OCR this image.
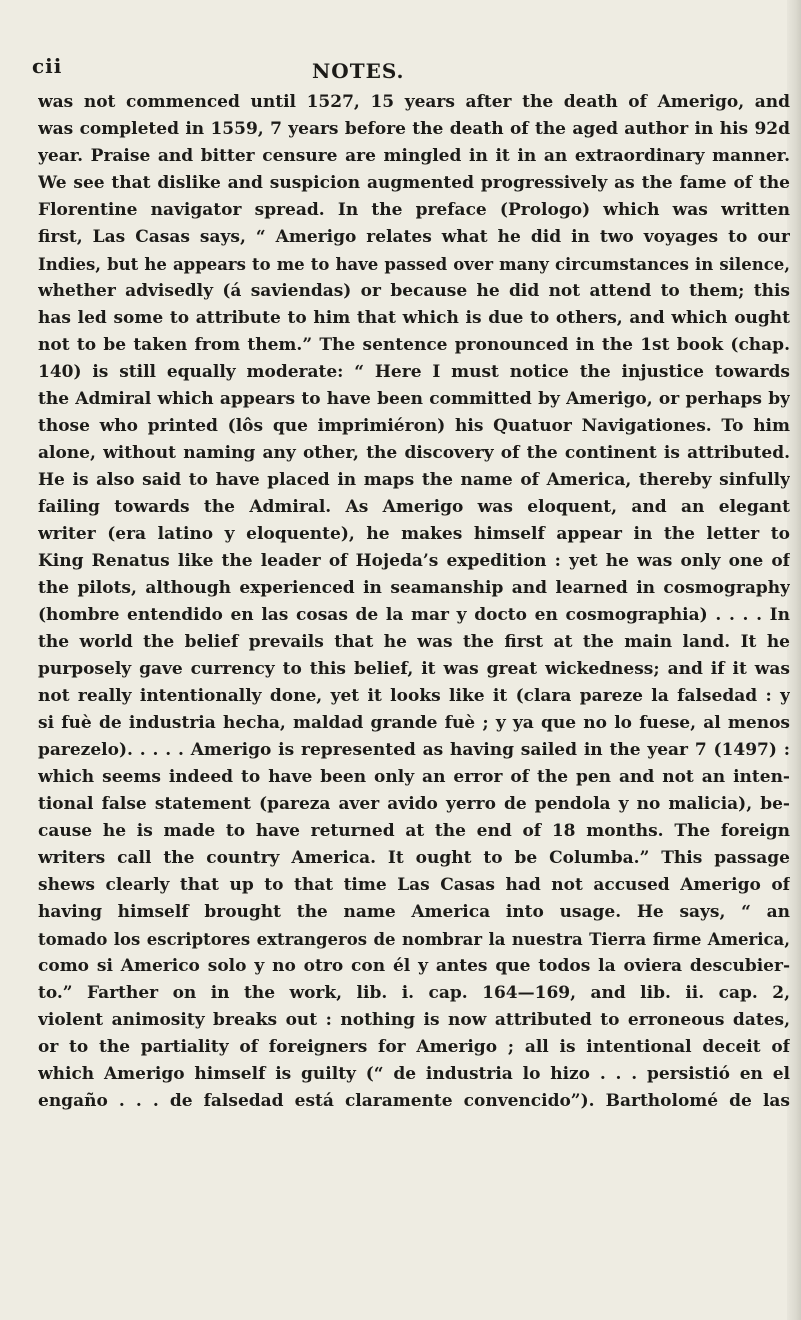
cii	NOTES.
was not commenced until 1527, 15 years after the death of Amerigo, and
was completed in 1559, 7 years before the death of the aged author in his 92d
year. Praise and bitter censure are mingled in it in an extraordinary manner.
We see that dislike and suspicion augmented progressively as the fame of the
Florentine navigator spread. In the preface (Prologo) which was written
first, Las Casas says, “ Amerigo relates what he did in two voyages to our
Indies, but he appears to me to have passed over many circumstances in silence,
whether advisedly (á saviendas) or because he did not attend to them; this
has led some to attribute to him that which is due to others, and which ought
not to be taken from them.” The sentence pronounced in the 1st book (chap.
140) is still equally moderate: “ Here I must notice the injustice towards
the Admiral which appears to have been committed by Amerigo, or perhaps by
those who printed (lôs que imprimiéron) his Quatuor Navigationes. To him
alone, without naming any other, the discovery of the continent is attributed.
He is also said to have placed in maps the name of America, thereby sinfully
failing towards the Admiral. As Amerigo was eloquent, and an elegant
writer (era latino y eloquente), he makes himself appear in the letter to
King Renatus like the leader of Hojeda’s expedition : yet he was only one of
the pilots, although experienced in seamanship and learned in cosmography
(hombre entendido en las cosas de la mar y docto en cosmographia) . . . . In
the world the belief prevails that he was the first at the main land. It he
purposely gave currency to this belief, it was great wickedness; and if it was
not really intentionally done, yet it looks like it (clara pareze la falsedad : y
si fuè de industria hecha, maldad grande fuè ; y ya que no lo fuese, al menos
parezelo). . . . . Amerigo is represented as having sailed in the year 7 (1497) :
which seems indeed to have been only an error of the pen and not an inten-
tional false statement (pareza aver avido yerro de pendola y no malicia), be-
cause he is made to have returned at the end of 18 months. The foreign
writers call the country America. It ought to be Columba.” This passage
shews clearly that up to that time Las Casas had not accused Amerigo of
having himself brought the name America into usage. He says, “ an
tomado los escriptores extrangeros de nombrar la nuestra Tierra firme America,
como si Americo solo y no otro con él y antes que todos la oviera descubier-
to.” Farther on in the work, lib. i. cap. 164—169, and lib. ii. cap. 2,
violent animosity breaks out : nothing is now attributed to erroneous dates,
or to the partiality of foreigners for Amerigo ; all is intentional deceit of
which Amerigo himself is guilty (“ de industria lo hizo . . . persistió en el
engaño . . . de falsedad está claramente convencido”). Bartholomé de las
